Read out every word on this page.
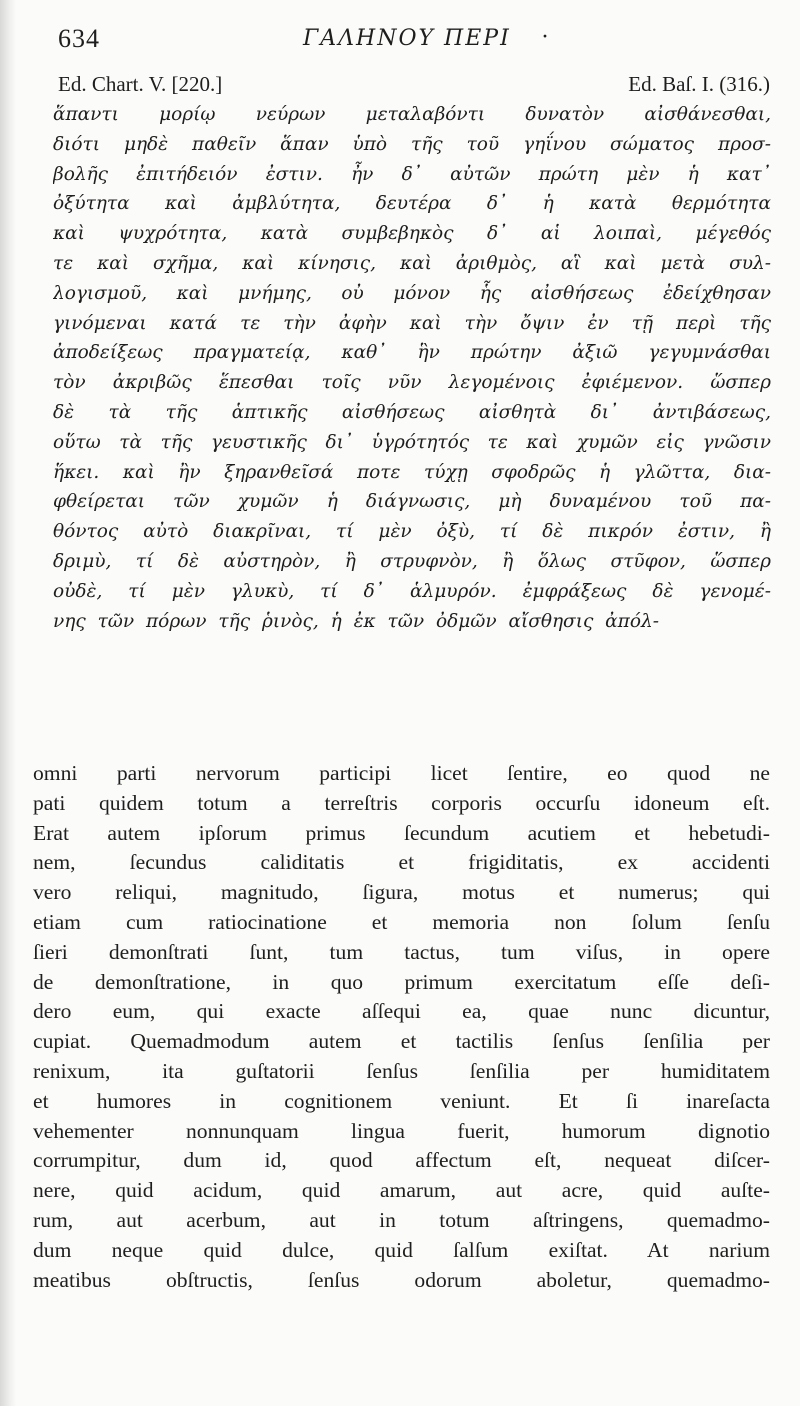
634	ΓΑΛΗΝΟΥ ΠΕΡΙ ·
Ed. Chart. V. [220.]	Ed. Baſ. I. (316.)
ἅπαντι μορίῳ νεύρων μεταλαβόντι δυνατὸν αἰσθάνεσθαι,
διότι μηδὲ παθεῖν ἅπαν ὑπὸ τῆς τοῦ γηΐνου σώματος προσ-
βολῆς ἐπιτήδειόν ἐστιν. ἦν δ᾽ αὐτῶν πρώτη μὲν ἡ κατ᾽
ὀξύτητα καὶ ἀμβλύτητα, δευτέρα δ᾽ ἡ κατὰ θερμότητα
καὶ ψυχρότητα, κατὰ συμβεβηκὸς δ᾽ αἱ λοιπαὶ, μέγεθός
τε καὶ σχῆμα, καὶ κίνησις, καὶ ἀριθμὸς, αἳ καὶ μετὰ συλ-
λογισμοῦ, καὶ μνήμης, οὐ μόνον ἧς αἰσθήσεως ἐδείχθησαν
γινόμεναι κατά τε τὴν ἀφὴν καὶ τὴν ὄψιν ἐν τῇ περὶ τῆς
ἀποδείξεως πραγματείᾳ, καθ᾽ ἣν πρώτην ἀξιῶ γεγυμνάσθαι
τὸν ἀκριβῶς ἕπεσθαι τοῖς νῦν λεγομένοις ἐφιέμενον. ὥσπερ
δὲ τὰ τῆς ἁπτικῆς αἰσθήσεως αἰσθητὰ δι᾽ ἀντιβάσεως,
οὕτω τὰ τῆς γευστικῆς δι᾽ ὑγρότητός τε καὶ χυμῶν εἰς γνῶσιν
ἥκει. καὶ ἢν ξηρανθεῖσά ποτε τύχῃ σφοδρῶς ἡ γλῶττα, δια-
φθείρεται τῶν χυμῶν ἡ διάγνωσις, μὴ δυναμένου τοῦ πα-
θόντος αὐτὸ διακρῖναι, τί μὲν ὀξὺ, τί δὲ πικρόν ἐστιν, ἢ
δριμὺ, τί δὲ αὐστηρὸν, ἢ στρυφνὸν, ἢ ὅλως στῦφον, ὥσπερ
οὐδὲ, τί μὲν γλυκὺ, τί δ᾽ ἁλμυρόν. ἐμφράξεως δὲ γενομέ-
νης τῶν πόρων τῆς ῥινὸς, ἡ ἐκ τῶν ὀδμῶν αἴσθησις ἀπόλ-
omni parti nervorum participi licet ſentire, eo quod ne
pati quidem totum a terreſtris corporis occurſu idoneum eſt.
Erat autem ipſorum primus ſecundum acutiem et hebetudi-
nem, ſecundus caliditatis et frigiditatis, ex accidenti
vero reliqui, magnitudo, ſigura, motus et numerus; qui
etiam cum ratiocinatione et memoria non ſolum ſenſu
ſieri demonſtrati ſunt, tum tactus, tum viſus, in opere
de demonſtratione, in quo primum exercitatum eſſe deſi-
dero eum, qui exacte aſſequi ea, quae nunc dicuntur,
cupiat. Quemadmodum autem et tactilis ſenſus ſenſilia per
renixum, ita guſtatorii ſenſus ſenſilia per humiditatem
et humores in cognitionem veniunt. Et ſi inareſacta
vehementer nonnunquam lingua fuerit, humorum dignotio
corrumpitur, dum id, quod affectum eſt, nequeat diſcer-
nere, quid acidum, quid amarum, aut acre, quid auſte-
rum, aut acerbum, aut in totum aſtringens, quemadmo-
dum neque quid dulce, quid ſalſum exiſtat. At narium
meatibus obſtructis, ſenſus odorum aboletur, quemadmo-
